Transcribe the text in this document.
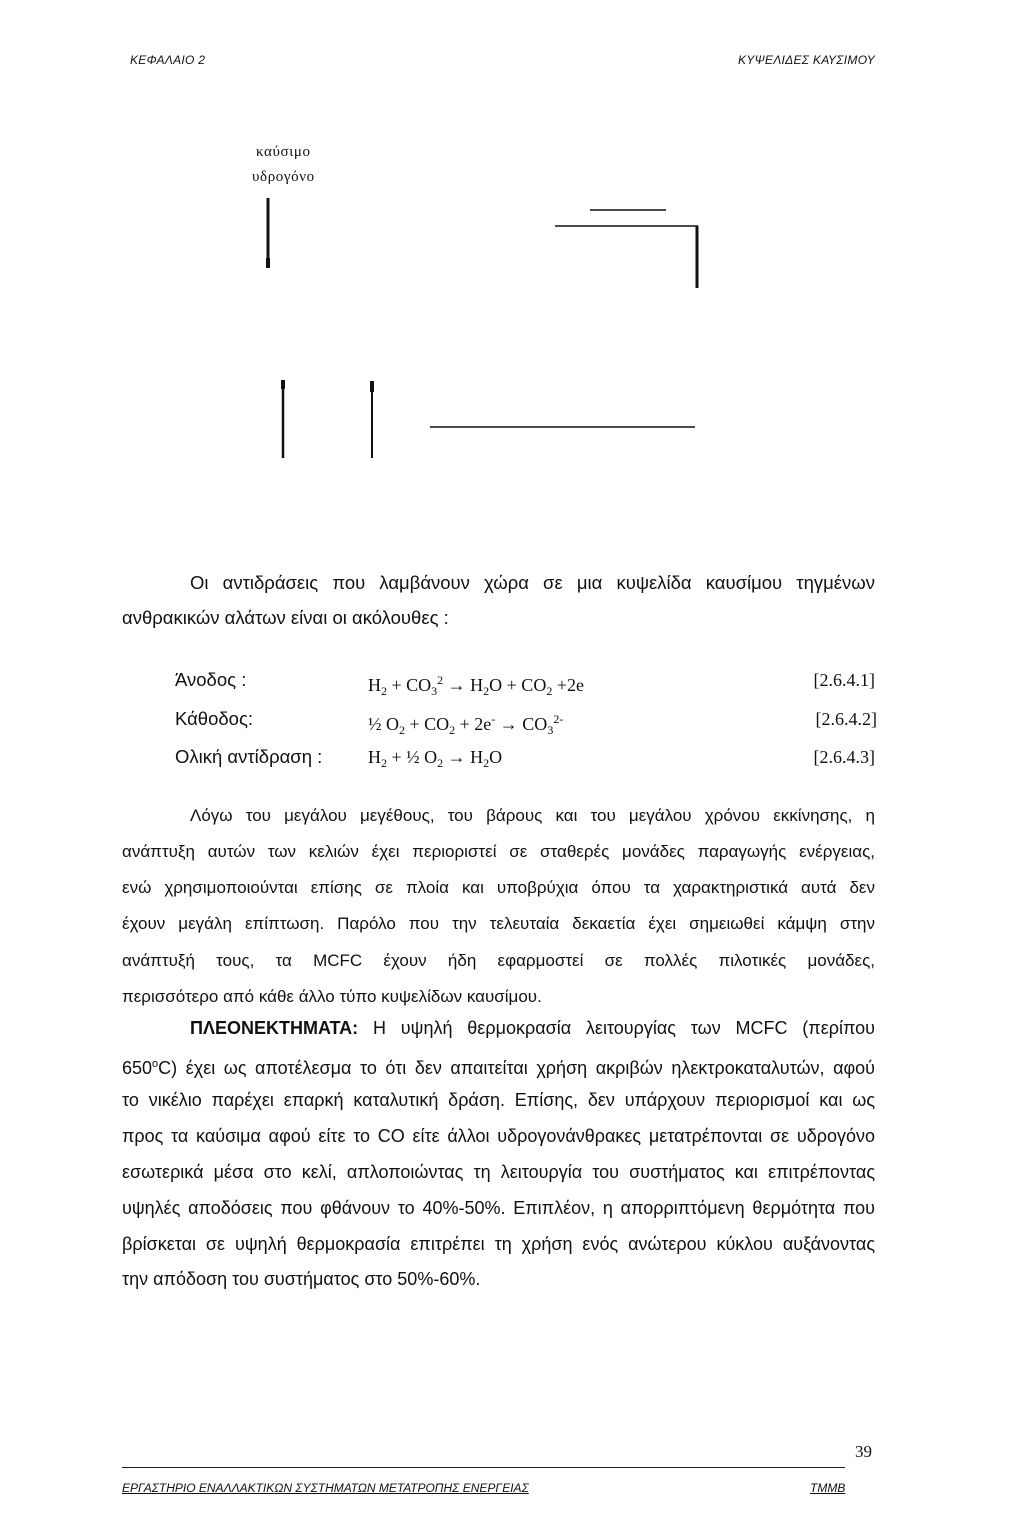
ΚΕΦΑΛΑΙΟ 2	ΚΥΨΕΛΙΔΕΣ ΚΑΥΣΙΜΟΥ
καύσιμο
υδρογόνο
Οι αντιδράσεις που λαμβάνουν χώρα σε μια κυψελίδα καυσίμου τηγμένων
ανθρακικών αλάτων είναι οι ακόλουθες :
Άνοδος :	$H_2 + CO_3^2 \to H_2O + CO_2 +2e$	[2.6.4.1]
Κάθοδος:	½ $O_2 + CO_2 + 2e^- \to CO_3^{2-}$	[2.6.4.2]
Ολική αντίδραση :	$H_2$ + ½ $O_2 \to H_2O$	[2.6.4.3]
Λόγω του μεγάλου μεγέθους, του βάρους και του μεγάλου χρόνου εκκίνησης, η
ανάπτυξη αυτών των κελιών έχει περιοριστεί σε σταθερές μονάδες παραγωγής ενέργειας,
ενώ χρησιμοποιούνται επίσης σε πλοία και υποβρύχια όπου τα χαρακτηριστικά αυτά δεν
έχουν μεγάλη επίπτωση. Παρόλο που την τελευταία δεκαετία έχει σημειωθεί κάμψη στην
ανάπτυξή τους, τα MCFC έχουν ήδη εφαρμοστεί σε πολλές πιλοτικές μονάδες,
περισσότερο από κάθε άλλο τύπο κυψελίδων καυσίμου.
ΠΛΕΟΝΕΚΤΗΜΑΤΑ: Η υψηλή θερμοκρασία λειτουργίας των MCFC (περίπου
650$^o$C) έχει ως αποτέλεσμα το ότι δεν απαιτείται χρήση ακριβών ηλεκτροκαταλυτών, αφού
το νικέλιο παρέχει επαρκή καταλυτική δράση. Επίσης, δεν υπάρχουν περιορισμοί και ως
προς τα καύσιμα αφού είτε το CO είτε άλλοι υδρογονάνθρακες μετατρέπονται σε υδρογόνο
εσωτερικά μέσα στο κελί, απλοποιώντας τη λειτουργία του συστήματος και επιτρέποντας
υψηλές αποδόσεις που φθάνουν το 40%-50%. Επιπλέον, η απορριπτόμενη θερμότητα που
βρίσκεται σε υψηλή θερμοκρασία επιτρέπει τη χρήση ενός ανώτερου κύκλου αυξάνοντας
την απόδοση του συστήματος στο 50%-60%.
39
ΕΡΓΑΣΤΗΡΙΟ ΕΝΑΛΛΑΚΤΙΚΩΝ ΣΥΣΤΗΜΑΤΩΝ ΜΕΤΑΤΡΟΠΗΣ ΕΝΕΡΓΕΙΑΣ	ΤΜΜΒ
